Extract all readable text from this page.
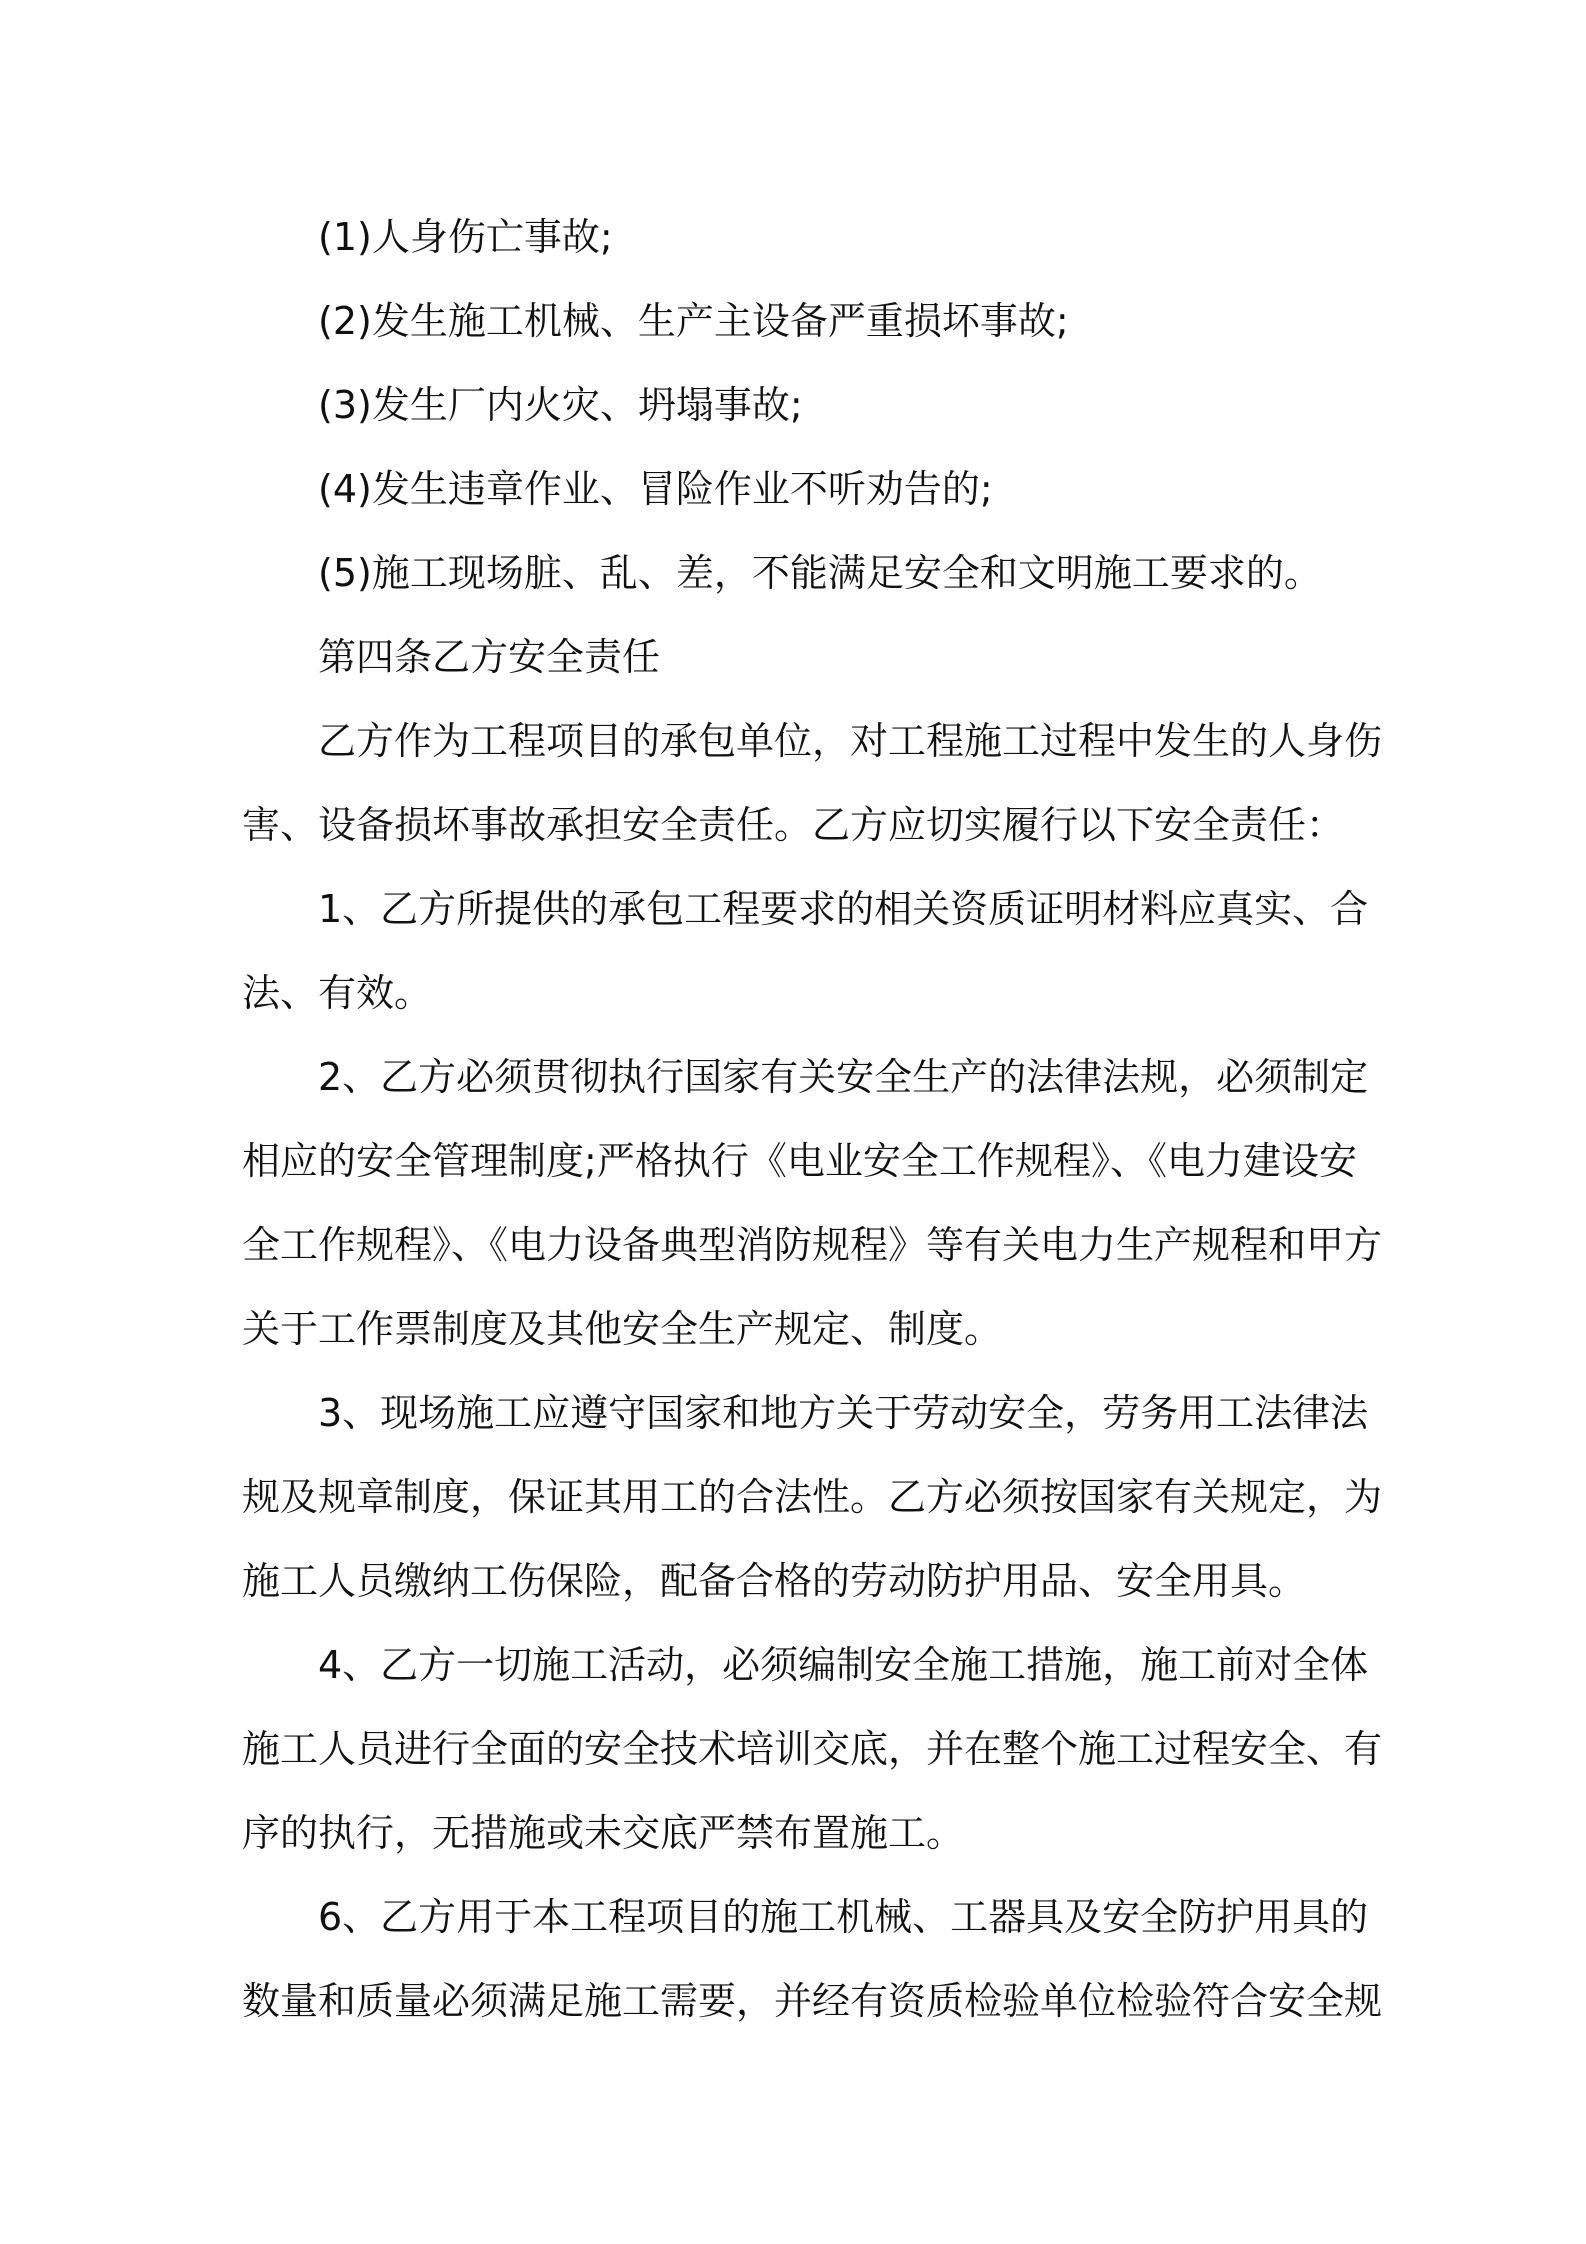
(1)人身伤亡事故;
(2)发生施工机械、生产主设备严重损坏事故;
(3)发生厂内火灾、坍塌事故;
(4)发生违章作业、冒险作业不听劝告的;
(5)施工现场脏、乱、差，不能满足安全和文明施工要求的。
第四条乙方安全责任
乙方作为工程项目的承包单位，对工程施工过程中发生的人身伤
害、设备损坏事故承担安全责任。乙方应切实履行以下安全责任：
1、乙方所提供的承包工程要求的相关资质证明材料应真实、合
法、有效。
2、乙方必须贯彻执行国家有关安全生产的法律法规，必须制定
相应的安全管理制度;严格执行《电业安全工作规程》、《电力建设安
全工作规程》、《电力设备典型消防规程》等有关电力生产规程和甲方
关于工作票制度及其他安全生产规定、制度。
3、现场施工应遵守国家和地方关于劳动安全，劳务用工法律法
规及规章制度，保证其用工的合法性。乙方必须按国家有关规定，为
施工人员缴纳工伤保险，配备合格的劳动防护用品、安全用具。
4、乙方一切施工活动，必须编制安全施工措施，施工前对全体
施工人员进行全面的安全技术培训交底，并在整个施工过程安全、有
序的执行，无措施或未交底严禁布置施工。
6、乙方用于本工程项目的施工机械、工器具及安全防护用具的
数量和质量必须满足施工需要，并经有资质检验单位检验符合安全规
